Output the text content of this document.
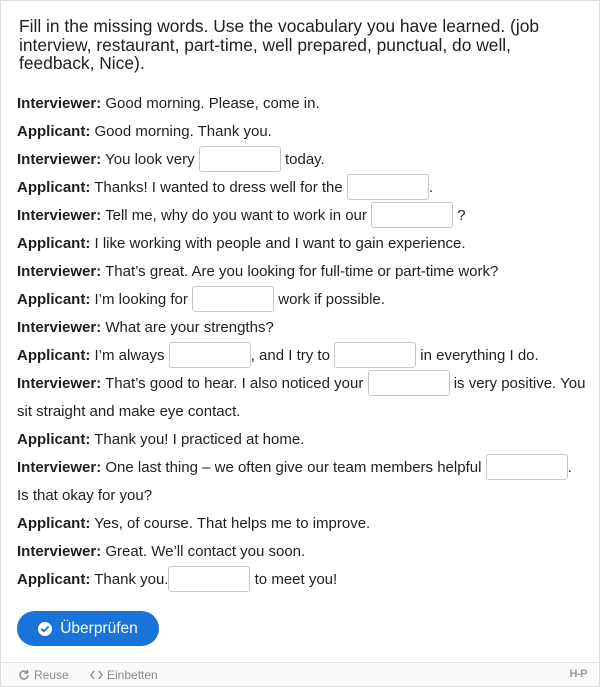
Fill in the missing words. Use the vocabulary you have learned. (job interview, restaurant, part-time, well prepared, punctual, do well, feedback, Nice).
Interviewer: Good morning. Please, come in.
Applicant: Good morning. Thank you.
Interviewer: You look very	today.
Applicant: Thanks! I wanted to dress well for the	.
Interviewer: Tell me, why do you want to work in our	?
Applicant: I like working with people and I want to gain experience.
Interviewer: That’s great. Are you looking for full-time or part-time work?
Applicant: I’m looking for	work if possible.
Interviewer: What are your strengths?
Applicant: I’m always	, and I try to	in everything I do.
Interviewer: That’s good to hear. I also noticed your	is very positive. You sit straight and make eye contact.
Applicant: Thank you! I practiced at home.
Interviewer: One last thing – we often give our team members helpful	. Is that okay for you?
Applicant: Yes, of course. That helps me to improve.
Interviewer: Great. We’ll contact you soon.
Applicant: Thank you.	to meet you!
Überprüfen
Reuse	Einbetten	H-P
